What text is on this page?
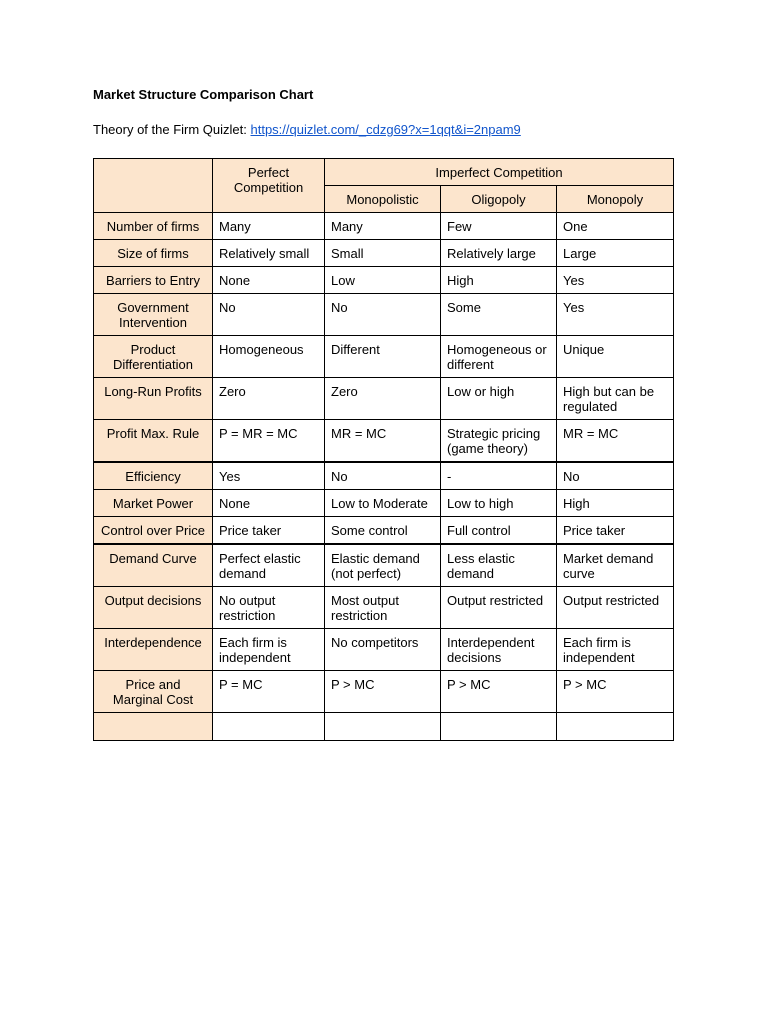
Market Structure Comparison Chart
Theory of the Firm Quizlet: https://quizlet.com/_cdzg69?x=1qqt&i=2npam9
	Perfect Competition	Imperfect Competition		
		Monopolistic	Oligopoly	Monopoly
Number of firms	Many	Many	Few	One
Size of firms	Relatively small	Small	Relatively large	Large
Barriers to Entry	None	Low	High	Yes
Government Intervention	No	No	Some	Yes
Product Differentiation	Homogeneous	Different	Homogeneous or different	Unique
Long-Run Profits	Zero	Zero	Low or high	High but can be regulated
Profit Max. Rule	P = MR = MC	MR = MC	Strategic pricing (game theory)	MR = MC
Efficiency	Yes	No	-	No
Market Power	None	Low to Moderate	Low to high	High
Control over Price	Price taker	Some control	Full control	Price taker
Demand Curve	Perfect elastic demand	Elastic demand (not perfect)	Less elastic demand	Market demand curve
Output decisions	No output restriction	Most output restriction	Output restricted	Output restricted
Interdependence	Each firm is independent	No competitors	Interdependent decisions	Each firm is independent
Price and Marginal Cost	P = MC	P > MC	P > MC	P > MC
